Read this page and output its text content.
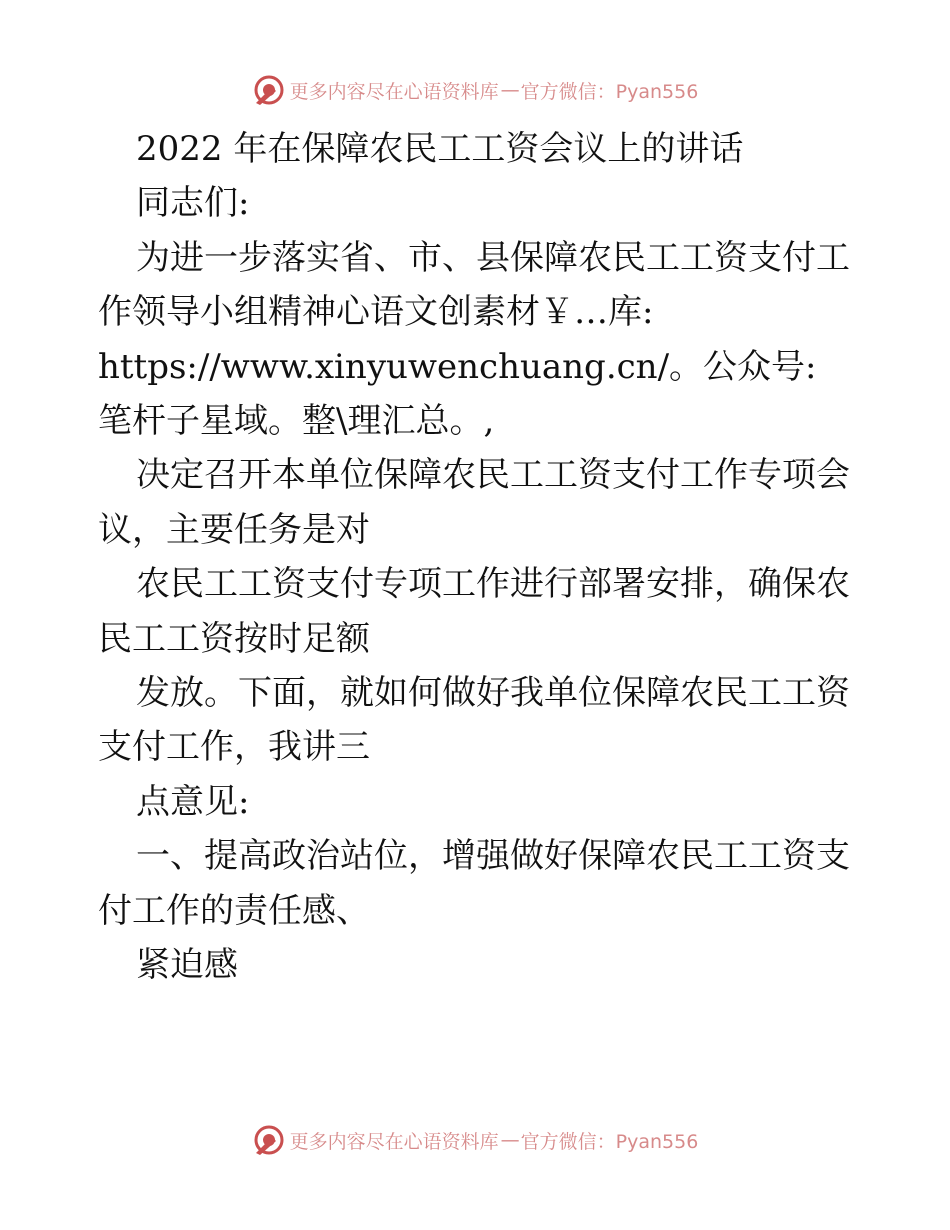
更多内容尽在心语资料库 — 官方微信：Pyan556

2022 年在保障农民工工资会议上的讲话

同志们:

为进一步落实省、市、县保障农民工工资支付工作领导小组精神心语文创素材￥…库: https://www.xinyuwenchuang.cn/。公众号: 笔杆子星域。整\理汇总。,

决定召开本单位保障农民工工资支付工作专项会议，主要任务是对

农民工工资支付专项工作进行部署安排，确保农民工工资按时足额

发放。下面，就如何做好我单位保障农民工工资支付工作，我讲三

点意见:

一、提高政治站位，增强做好保障农民工工资支付工作的责任感、

紧迫感

更多内容尽在心语资料库 — 官方微信：Pyan556
